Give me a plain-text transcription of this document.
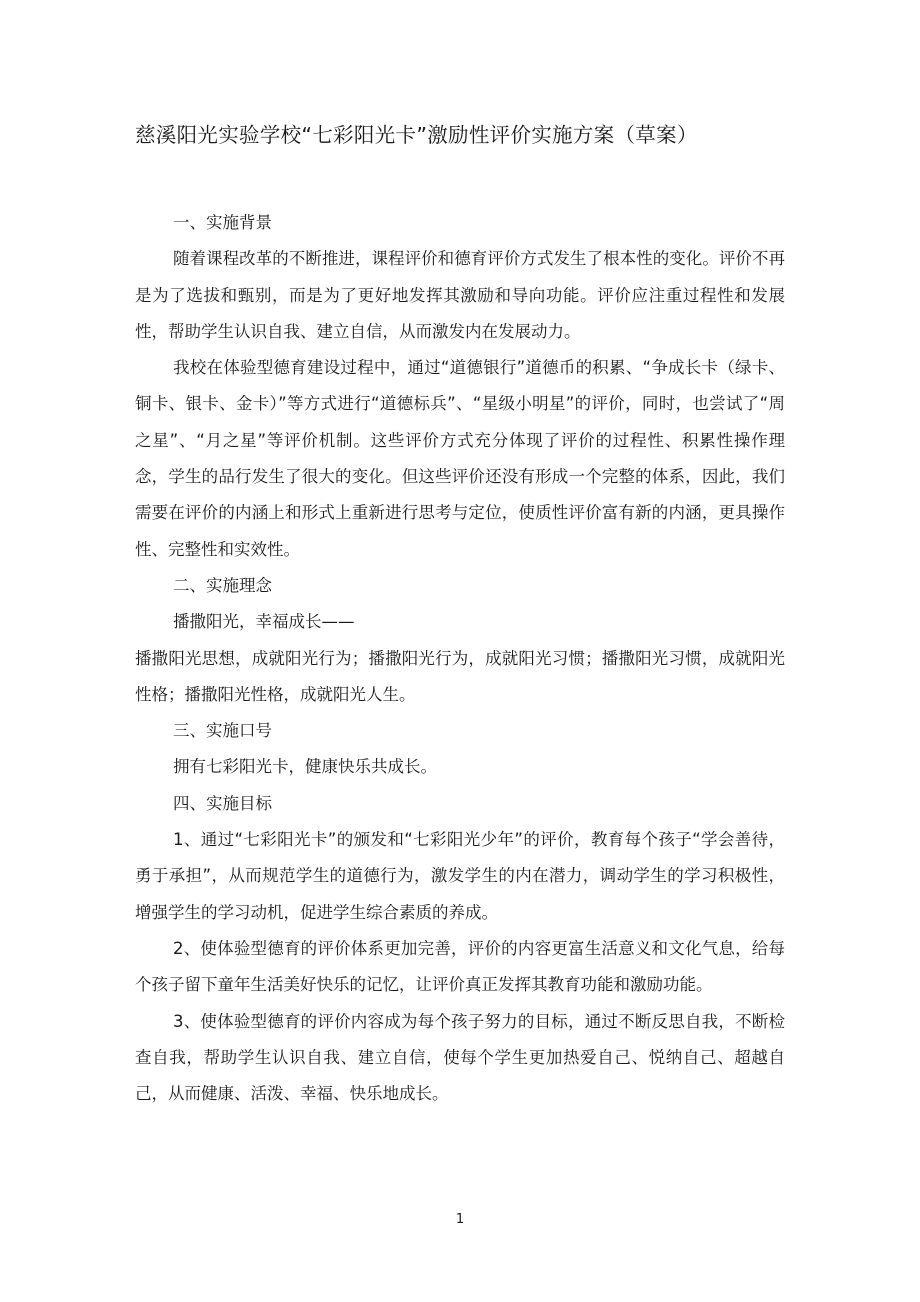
慈溪阳光实验学校“七彩阳光卡”激励性评价实施方案（草案）

一、实施背景

随着课程改革的不断推进，课程评价和德育评价方式发生了根本性的变化。评价不再是为了选拔和甄别，而是为了更好地发挥其激励和导向功能。评价应注重过程性和发展性，帮助学生认识自我、建立自信，从而激发内在发展动力。

我校在体验型德育建设过程中，通过“道德银行”道德币的积累、“争成长卡（绿卡、铜卡、银卡、金卡）”等方式进行“道德标兵”、“星级小明星”的评价，同时，也尝试了“周之星”、“月之星”等评价机制。这些评价方式充分体现了评价的过程性、积累性操作理念，学生的品行发生了很大的变化。但这些评价还没有形成一个完整的体系，因此，我们需要在评价的内涵上和形式上重新进行思考与定位，使质性评价富有新的内涵，更具操作性、完整性和实效性。

二、实施理念

播撒阳光，幸福成长——

播撒阳光思想，成就阳光行为；播撒阳光行为，成就阳光习惯；播撒阳光习惯，成就阳光性格；播撒阳光性格，成就阳光人生。

三、实施口号

拥有七彩阳光卡，健康快乐共成长。

四、实施目标

1、通过“七彩阳光卡”的颁发和“七彩阳光少年”的评价，教育每个孩子“学会善待，勇于承担”，从而规范学生的道德行为，激发学生的内在潜力，调动学生的学习积极性，增强学生的学习动机，促进学生综合素质的养成。

2、使体验型德育的评价体系更加完善，评价的内容更富生活意义和文化气息，给每个孩子留下童年生活美好快乐的记忆，让评价真正发挥其教育功能和激励功能。

3、使体验型德育的评价内容成为每个孩子努力的目标，通过不断反思自我，不断检查自我，帮助学生认识自我、建立自信，使每个学生更加热爱自己、悦纳自己、超越自己，从而健康、活泼、幸福、快乐地成长。

1
